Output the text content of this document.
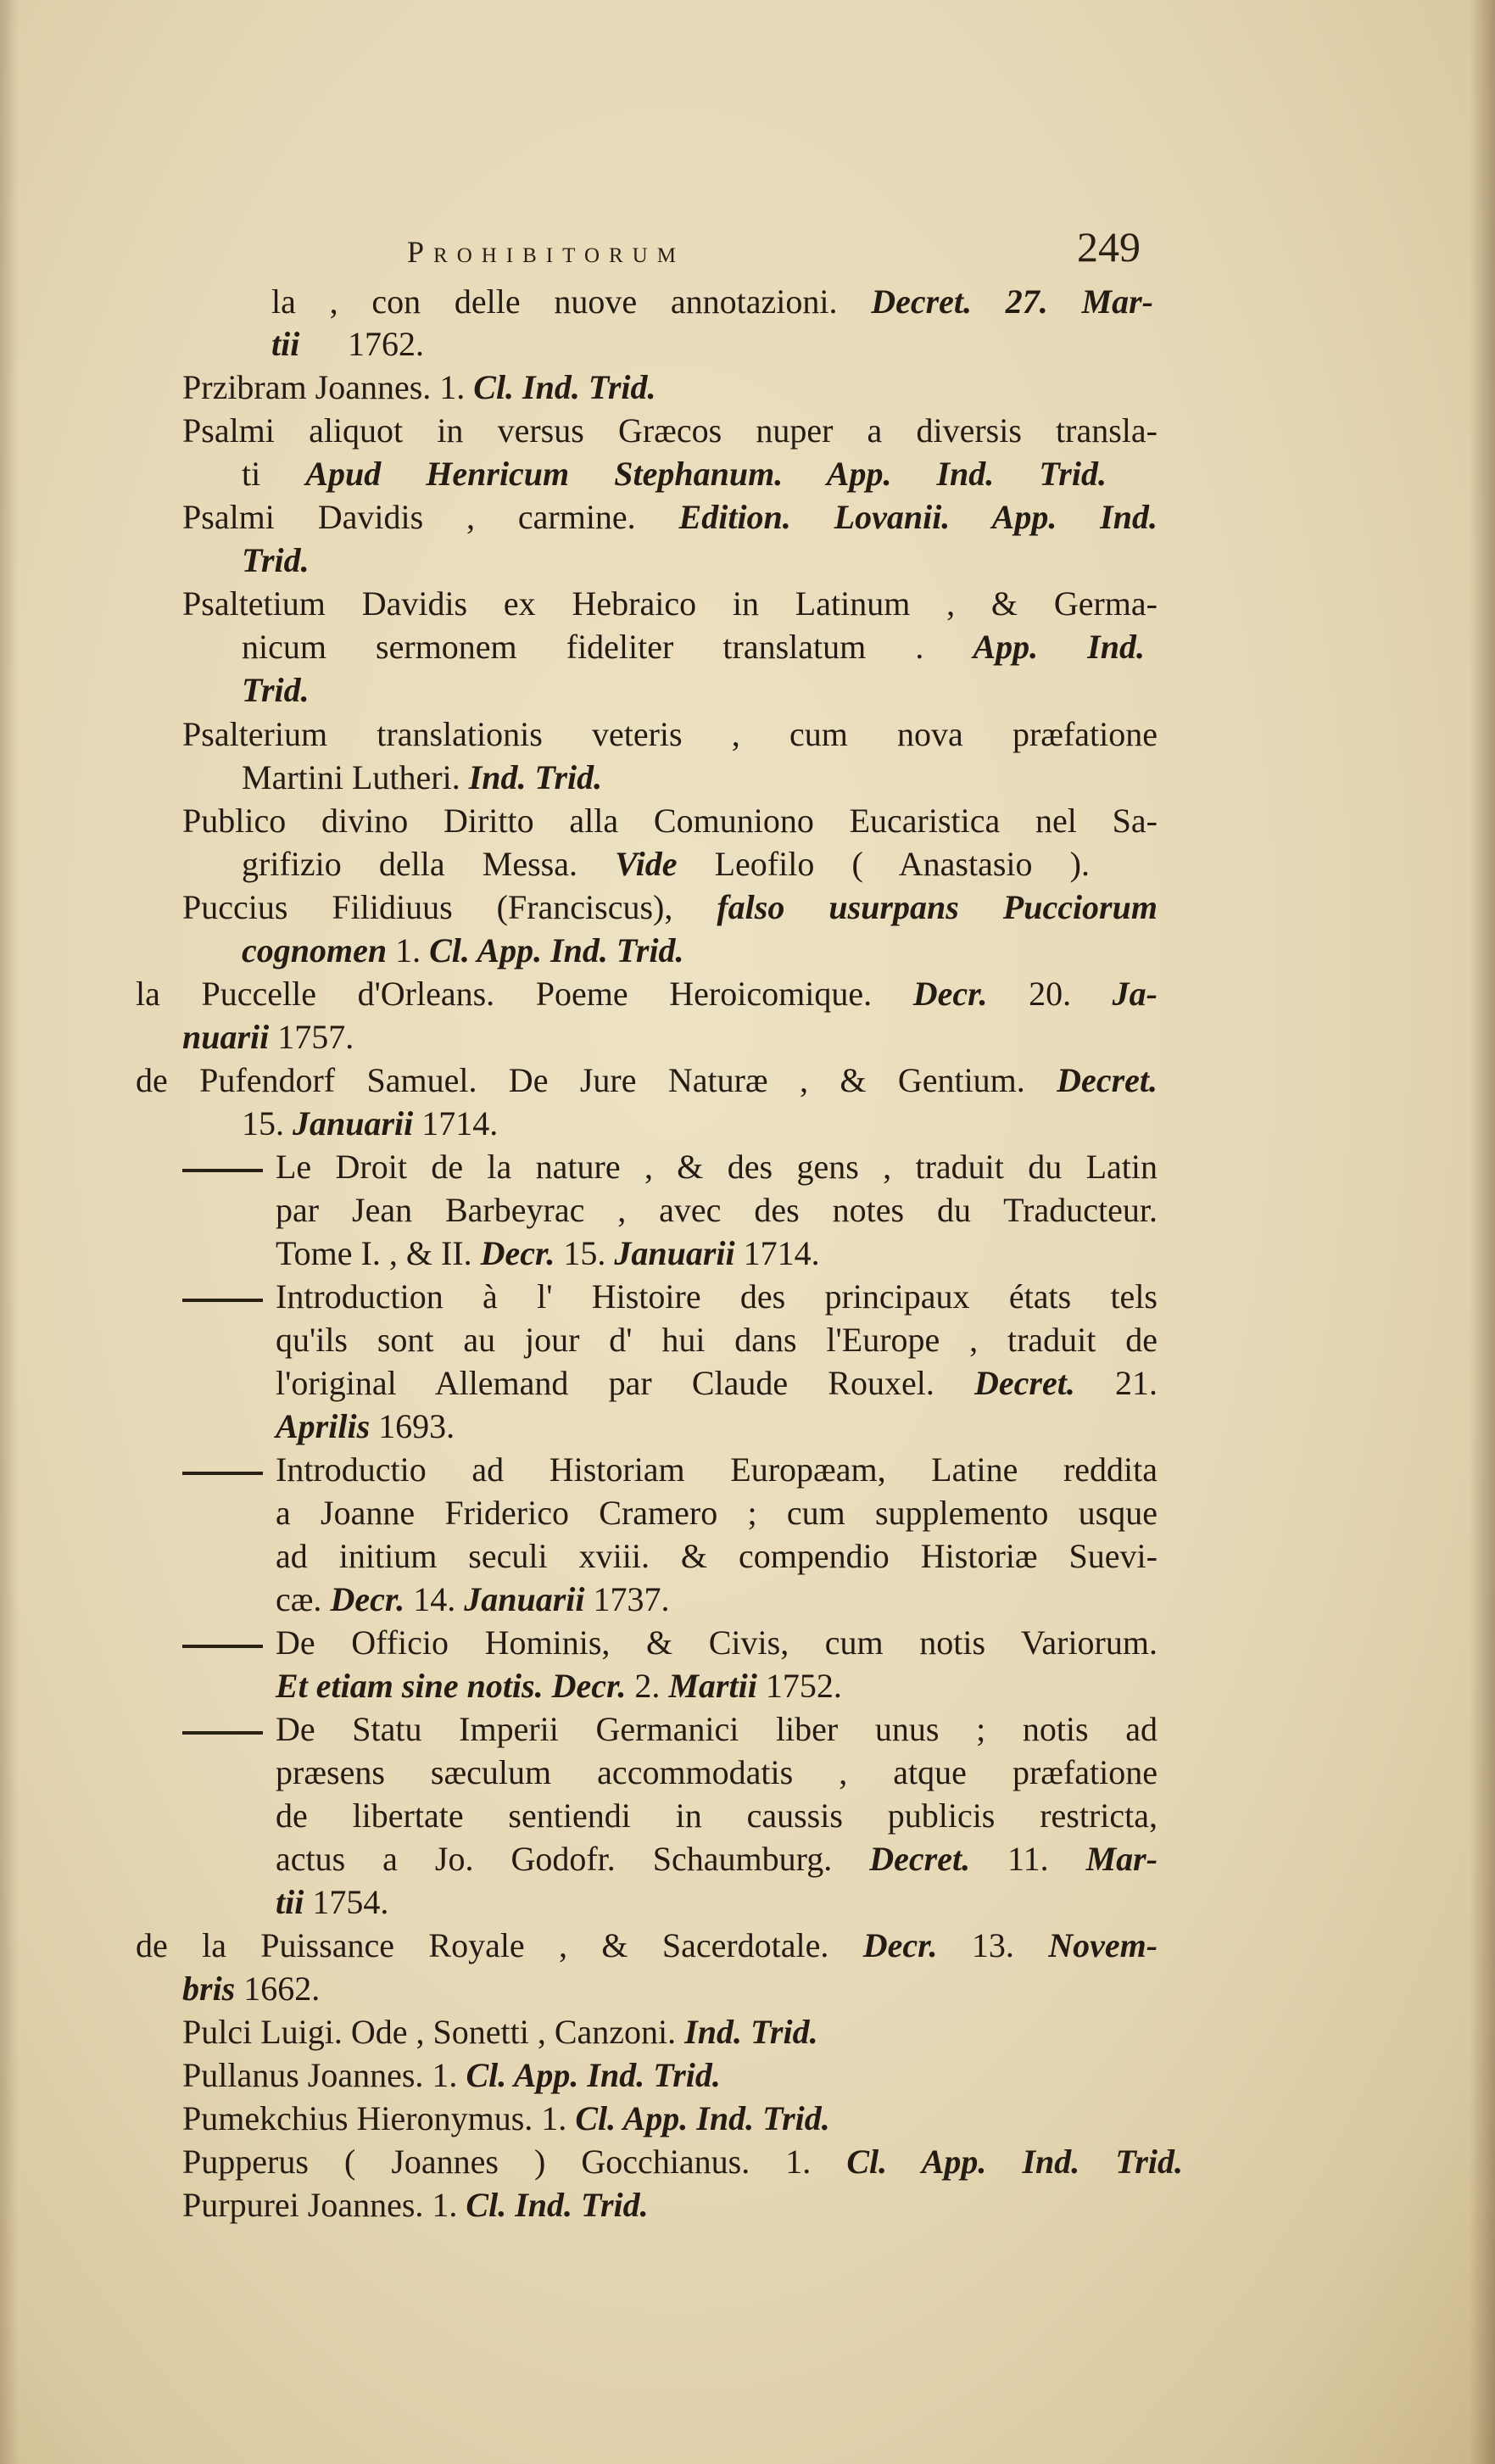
Prohibitorum	249
la , con delle nuove annotazioni. Decret. 27. Mar-
tii 1762.
Przibram Joannes. 1. Cl. Ind. Trid.
Psalmi aliquot in versus Græcos nuper a diversis transla-
ti Apud Henricum Stephanum. App. Ind. Trid.
Psalmi Davidis , carmine. Edition. Lovanii. App. Ind.
Trid.
Psaltetium Davidis ex Hebraico in Latinum , & Germa-
nicum sermonem fideliter translatum . App. Ind.
Trid.
Psalterium translationis veteris , cum nova præfatione
Martini Lutheri. Ind. Trid.
Publico divino Diritto alla Comuniono Eucaristica nel Sa-
grifizio della Messa. Vide Leofilo ( Anastasio ).
Puccius Filidiuus (Franciscus), falso usurpans Pucciorum
cognomen 1. Cl. App. Ind. Trid.
la Puccelle d'Orleans. Poeme Heroicomique. Decr. 20. Ja-
nuarii 1757.
de Pufendorf Samuel. De Jure Naturæ , & Gentium. Decret.
15. Januarii 1714.
Le Droit de la nature , & des gens , traduit du Latin
par Jean Barbeyrac , avec des notes du Traducteur.
Tome I. , & II. Decr. 15. Januarii 1714.
Introduction à l' Histoire des principaux états tels
qu'ils sont au jour d' hui dans l'Europe , traduit de
l'original Allemand par Claude Rouxel. Decret. 21.
Aprilis 1693.
Introductio ad Historiam Europæam, Latine reddita
a Joanne Friderico Cramero ; cum supplemento usque
ad initium seculi xviii. & compendio Historiæ Suevi-
cæ. Decr. 14. Januarii 1737.
De Officio Hominis, & Civis, cum notis Variorum.
Et etiam sine notis. Decr. 2. Martii 1752.
De Statu Imperii Germanici liber unus ; notis ad
præsens sæculum accommodatis , atque præfatione
de libertate sentiendi in caussis publicis restricta,
actus a Jo. Godofr. Schaumburg. Decret. 11. Mar-
tii 1754.
de la Puissance Royale , & Sacerdotale. Decr. 13. Novem-
bris 1662.
Pulci Luigi. Ode , Sonetti , Canzoni. Ind. Trid.
Pullanus Joannes. 1. Cl. App. Ind. Trid.
Pumekchius Hieronymus. 1. Cl. App. Ind. Trid.
Pupperus ( Joannes ) Gocchianus. 1. Cl. App. Ind. Trid.
Purpurei Joannes. 1. Cl. Ind. Trid.
